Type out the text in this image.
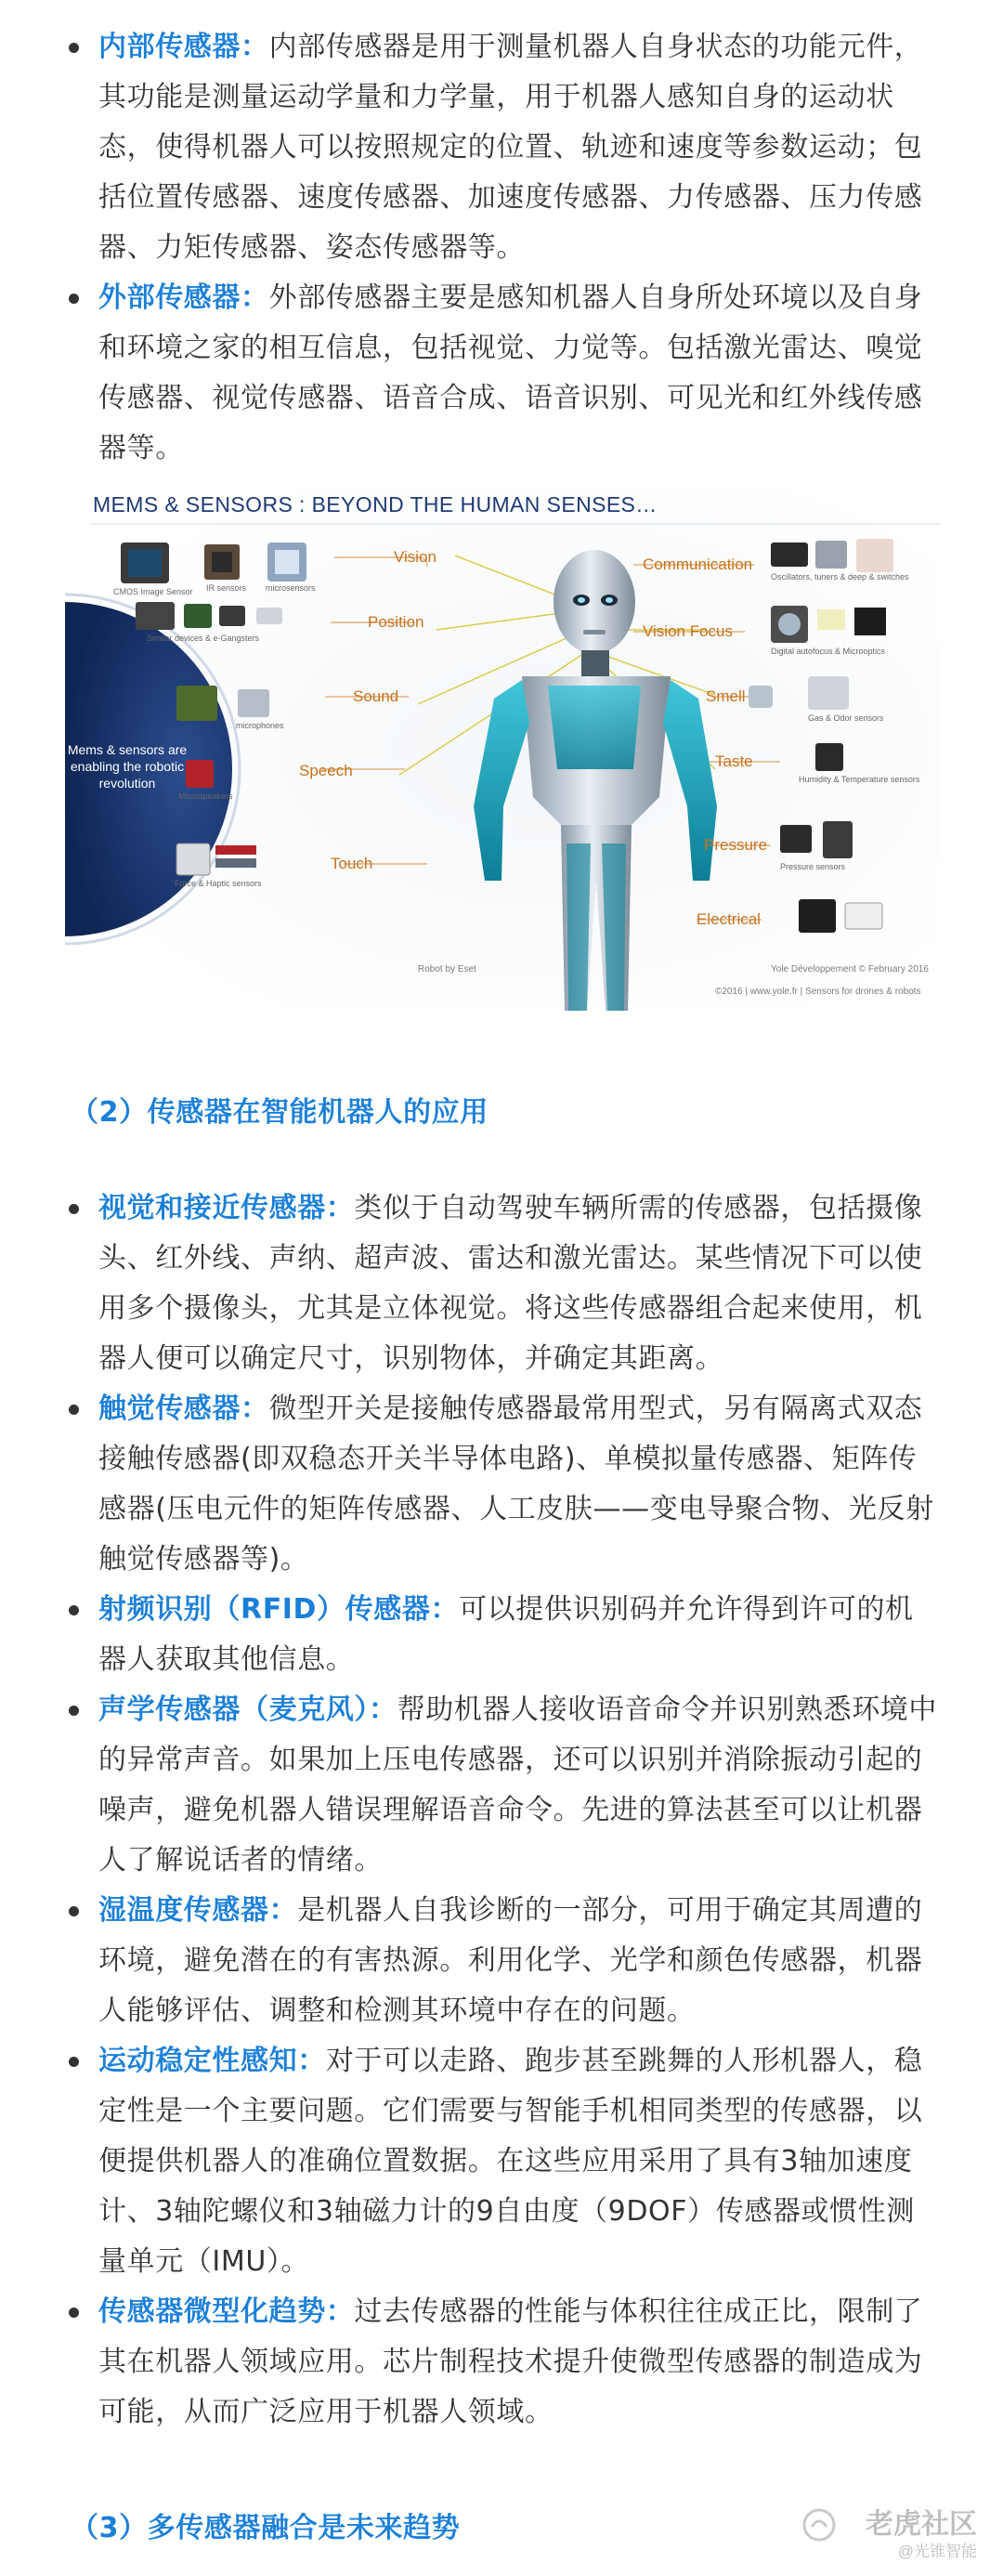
内部传感器：内部传感器是用于测量机器人自身状态的功能元件，其功能是测量运动学量和力学量，用于机器人感知自身的运动状态，使得机器人可以按照规定的位置、轨迹和速度等参数运动；包括位置传感器、速度传感器、加速度传感器、力传感器、压力传感器、力矩传感器、姿态传感器等。
外部传感器：外部传感器主要是感知机器人自身所处环境以及自身和环境之家的相互信息，包括视觉、力觉等。包括激光雷达、嗅觉传感器、视觉传感器、语音合成、语音识别、可见光和红外线传感器等。
MEMS & SENSORS : BEYOND THE HUMAN SENSES…
Mems & sensors are enabling the robotic revolution
Vision
Position
Sound
Speech
Touch
Communication
Vision Focus
Smell
Taste
Pressure
Electrical
CMOS Image Sensor IR sensors microsensors
Similar devices & e-Gangsters
microphones
Microspeakers
Force & Haptic sensors
Oscillators, tuners & deep & switches
Digital autofocus & Microoptics
Gas & Odor sensors
Humidity & Temperature sensors
Pressure sensors
Robot by Eset	Yole Développement © February 2016
©2016 | www.yole.fr | Sensors for drones & robots
（2）传感器在智能机器人的应用
视觉和接近传感器：类似于自动驾驶车辆所需的传感器，包括摄像头、红外线、声纳、超声波、雷达和激光雷达。某些情况下可以使用多个摄像头，尤其是立体视觉。将这些传感器组合起来使用，机器人便可以确定尺寸，识别物体，并确定其距离。
触觉传感器：微型开关是接触传感器最常用型式，另有隔离式双态接触传感器(即双稳态开关半导体电路)、单模拟量传感器、矩阵传感器(压电元件的矩阵传感器、人工皮肤——变电导聚合物、光反射触觉传感器等)。
射频识别（RFID）传感器：可以提供识别码并允许得到许可的机器人获取其他信息。
声学传感器（麦克风）：帮助机器人接收语音命令并识别熟悉环境中的异常声音。如果加上压电传感器，还可以识别并消除振动引起的噪声，避免机器人错误理解语音命令。先进的算法甚至可以让机器人了解说话者的情绪。
湿温度传感器：是机器人自我诊断的一部分，可用于确定其周遭的环境，避免潜在的有害热源。利用化学、光学和颜色传感器，机器人能够评估、调整和检测其环境中存在的问题。
运动稳定性感知：对于可以走路、跑步甚至跳舞的人形机器人，稳定性是一个主要问题。它们需要与智能手机相同类型的传感器，以便提供机器人的准确位置数据。在这些应用采用了具有3轴加速度计、3轴陀螺仪和3轴磁力计的9自由度（9DOF）传感器或惯性测量单元（IMU）。
传感器微型化趋势：过去传感器的性能与体积往往成正比，限制了其在机器人领域应用。芯片制程技术提升使微型传感器的制造成为可能，从而广泛应用于机器人领域。
（3）多传感器融合是未来趋势	老虎社区
@光锥智能
